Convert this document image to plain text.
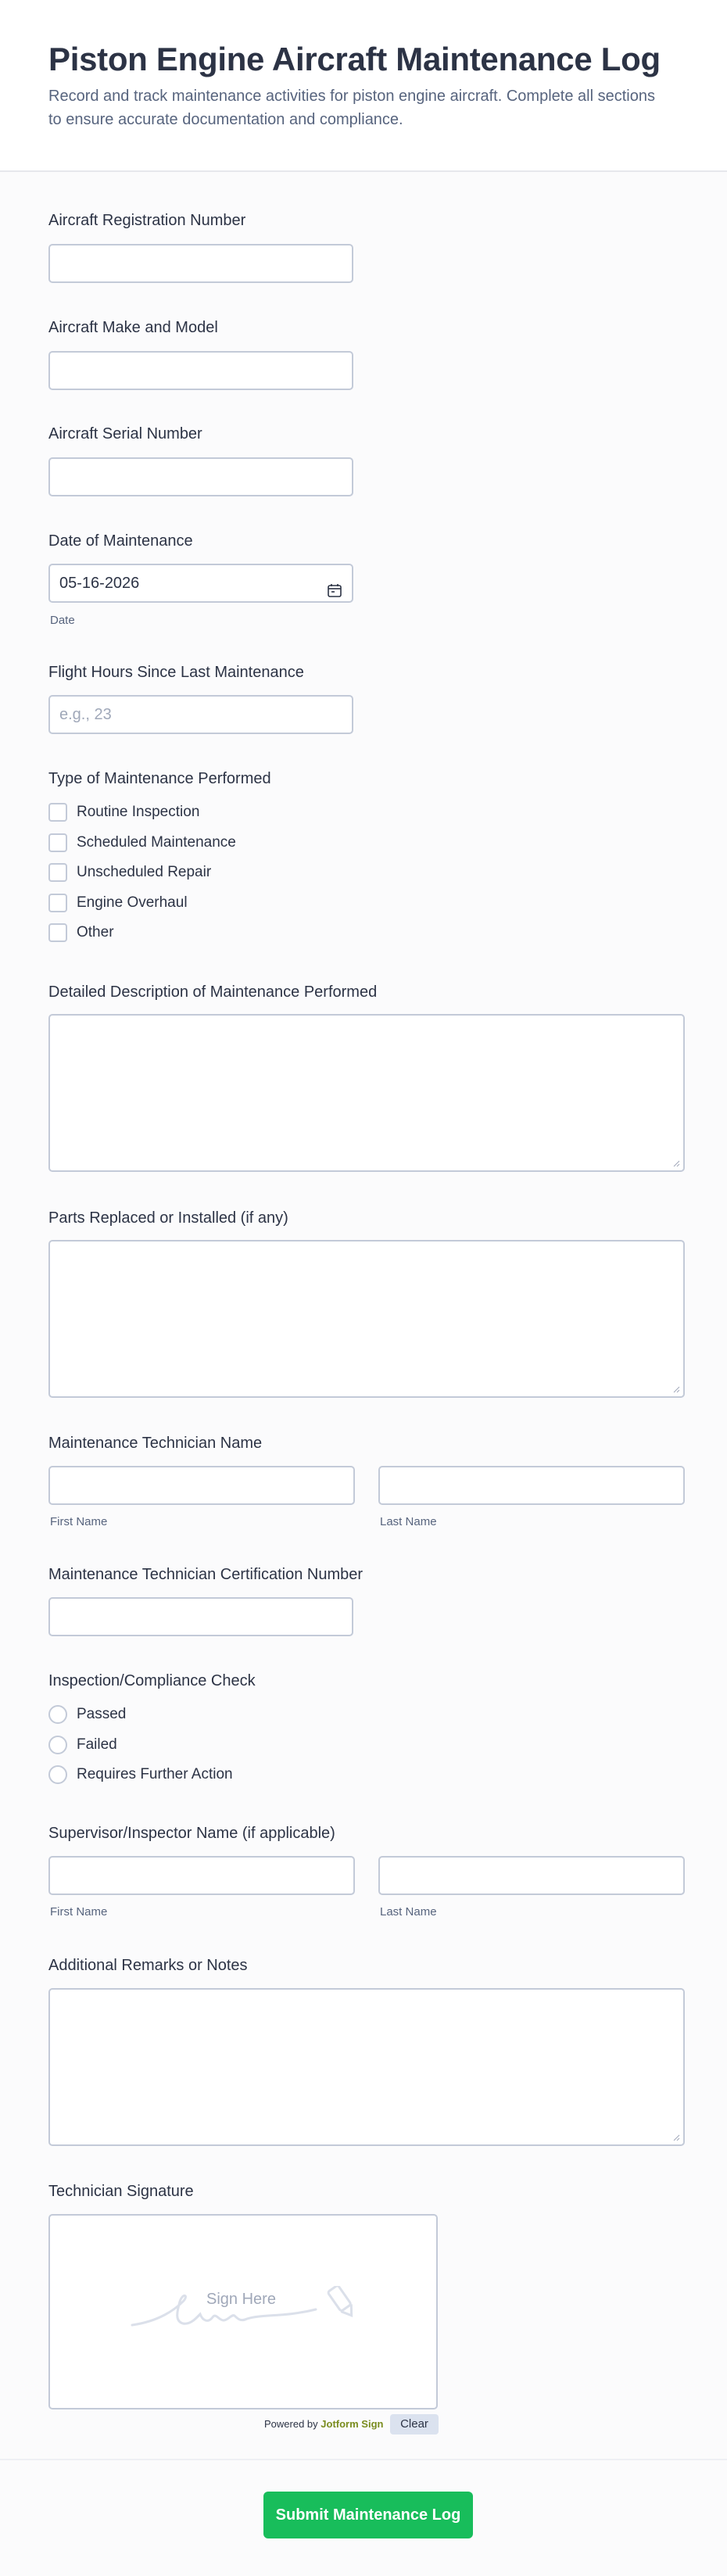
Piston Engine Aircraft Maintenance Log
Record and track maintenance activities for piston engine aircraft. Complete all sections to ensure accurate documentation and compliance.
Aircraft Registration Number
Aircraft Make and Model
Aircraft Serial Number
Date of Maintenance
05-16-2026
Date
Flight Hours Since Last Maintenance
e.g., 23
Type of Maintenance Performed
Routine Inspection
Scheduled Maintenance
Unscheduled Repair
Engine Overhaul
Other
Detailed Description of Maintenance Performed
Parts Replaced or Installed (if any)
Maintenance Technician Name
First Name	Last Name
Maintenance Technician Certification Number
Inspection/Compliance Check
Passed
Failed
Requires Further Action
Supervisor/Inspector Name (if applicable)
First Name	Last Name
Additional Remarks or Notes
Technician Signature
Sign Here
Powered by Jotform Sign	Clear
Submit Maintenance Log
